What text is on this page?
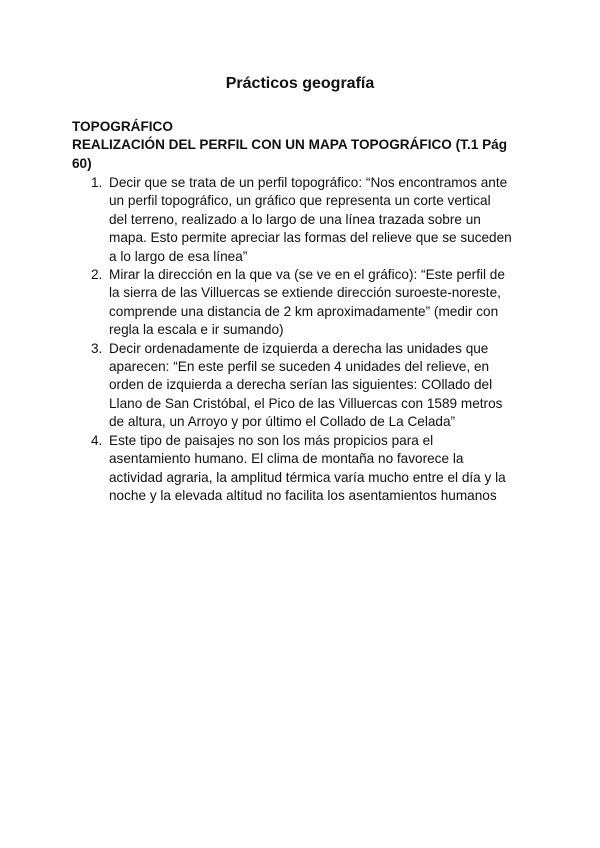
Prácticos geografía
TOPOGRÁFICO
REALIZACIÓN DEL PERFIL CON UN MAPA TOPOGRÁFICO (T.1 Pág
60)
1. Decir que se trata de un perfil topográfico: “Nos encontramos ante
un perfil topográfico, un gráfico que representa un corte vertical
del terreno, realizado a lo largo de una línea trazada sobre un
mapa. Esto permite apreciar las formas del relieve que se suceden
a lo largo de esa línea”
2. Mirar la dirección en la que va (se ve en el gráfico): “Este perfil de
la sierra de las Villuercas se extiende dirección suroeste-noreste,
comprende una distancia de 2 km aproximadamente” (medir con
regla la escala e ir sumando)
3. Decir ordenadamente de izquierda a derecha las unidades que
aparecen: “En este perfil se suceden 4 unidades del relieve, en
orden de izquierda a derecha serían las siguientes: COllado del
Llano de San Cristóbal, el Pico de las Villuercas con 1589 metros
de altura, un Arroyo y por último el Collado de La Celada”
4. Este tipo de paisajes no son los más propicios para el
asentamiento humano. El clima de montaña no favorece la
actividad agraria, la amplitud térmica varía mucho entre el día y la
noche y la elevada altitud no facilita los asentamientos humanos
